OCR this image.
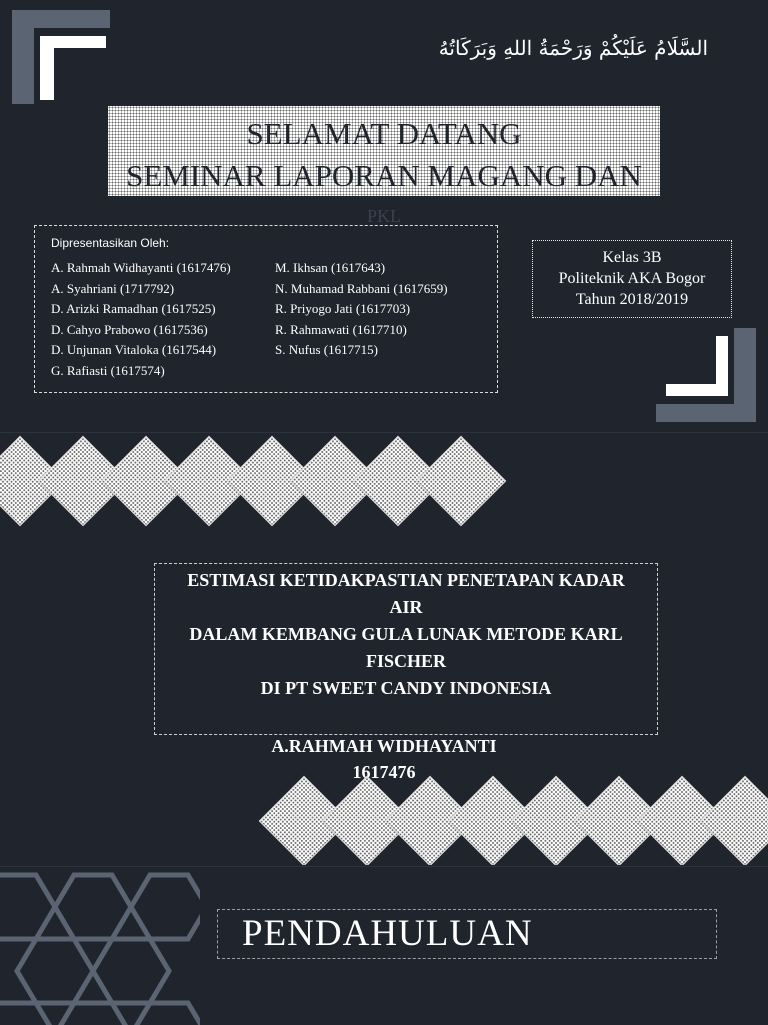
السَّلَامُ عَلَيْكُمْ وَرَحْمَةُ اللهِ وَبَرَكَاتُهُ
SELAMAT DATANG
SEMINAR LAPORAN MAGANG DAN
PKL
Dipresentasikan Oleh:
A. Rahmah Widhayanti (1617476)
A. Syahriani (1717792)
D. Arizki Ramadhan (1617525)
D. Cahyo Prabowo (1617536)
D. Unjunan Vitaloka (1617544)
G. Rafiasti (1617574)
M. Ikhsan (1617643)
N. Muhamad Rabbani (1617659)
R. Priyogo Jati (1617703)
R. Rahmawati (1617710)
S. Nufus (1617715)
Kelas 3B
Politeknik AKA Bogor
Tahun 2018/2019
ESTIMASI KETIDAKPASTIAN PENETAPAN KADAR
AIR
DALAM KEMBANG GULA LUNAK METODE KARL
FISCHER
DI PT SWEET CANDY INDONESIA
A.RAHMAH WIDHAYANTI
1617476
PENDAHULUAN
